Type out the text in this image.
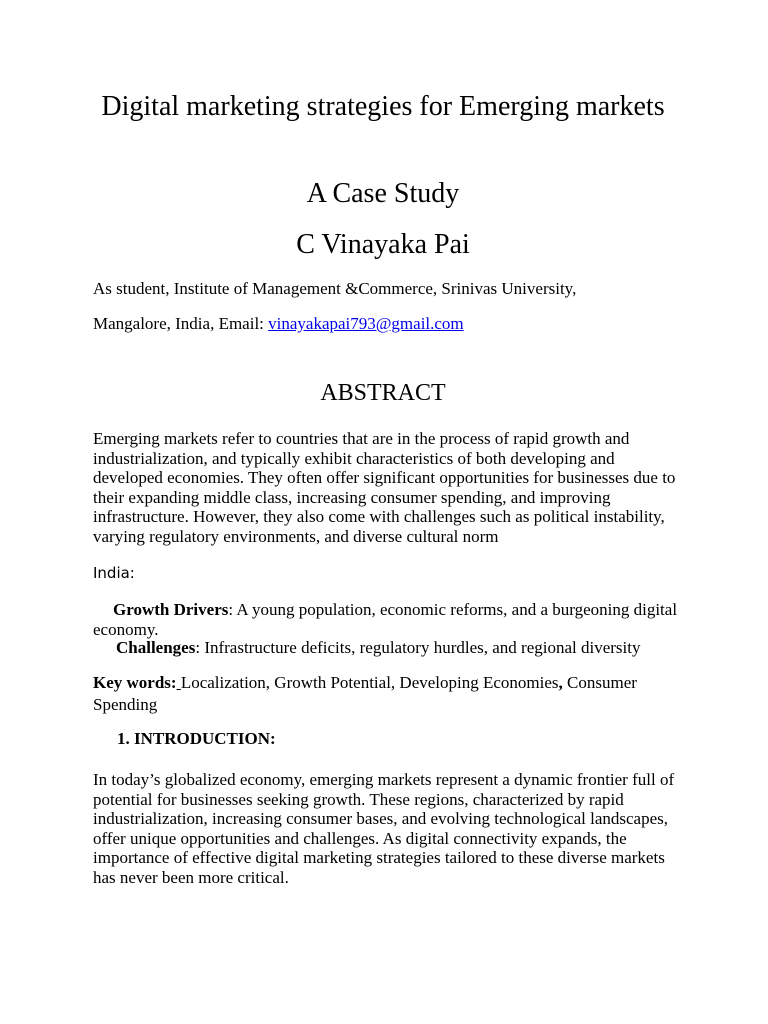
Digital marketing strategies for Emerging markets
A Case Study
C Vinayaka Pai
As student, Institute of Management &Commerce, Srinivas University,
Mangalore, India, Email: vinayakapai793@gmail.com
ABSTRACT
Emerging markets refer to countries that are in the process of rapid growth and industrialization, and typically exhibit characteristics of both developing and developed economies. They often offer significant opportunities for businesses due to their expanding middle class, increasing consumer spending, and improving infrastructure. However, they also come with challenges such as political instability, varying regulatory environments, and diverse cultural norm
India:
Growth Drivers: A young population, economic reforms, and a burgeoning digital economy.
Challenges: Infrastructure deficits, regulatory hurdles, and regional diversity
Key words: Localization, Growth Potential, Developing Economies, Consumer Spending
1. INTRODUCTION:
In today’s globalized economy, emerging markets represent a dynamic frontier full of potential for businesses seeking growth. These regions, characterized by rapid industrialization, increasing consumer bases, and evolving technological landscapes, offer unique opportunities and challenges. As digital connectivity expands, the importance of effective digital marketing strategies tailored to these diverse markets has never been more critical.
